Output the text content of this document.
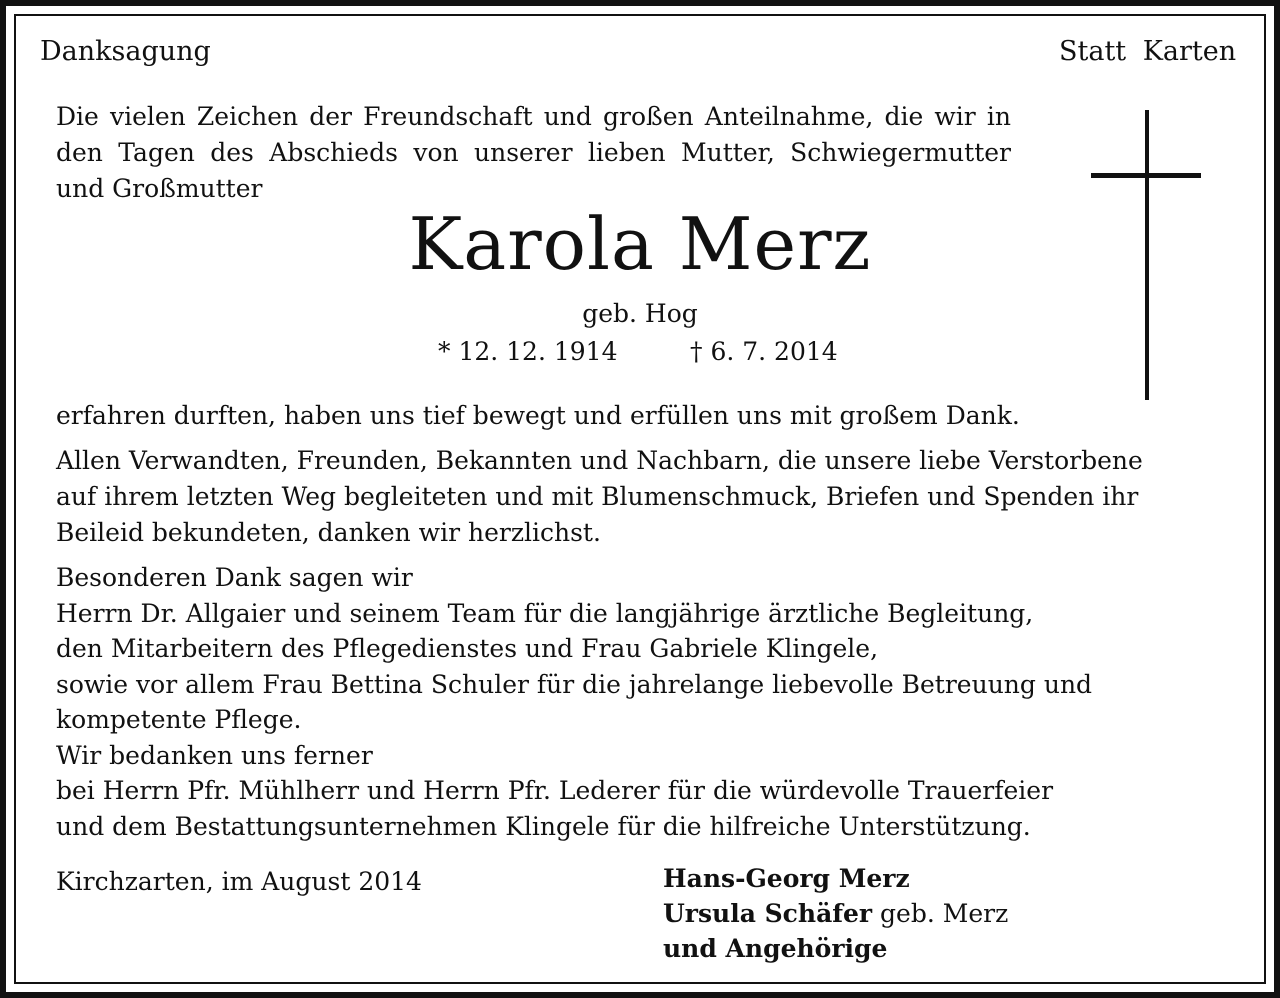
Danksagung	Statt Karten
Die vielen Zeichen der Freundschaft und großen Anteilnahme, die wir in
den Tagen des Abschieds von unserer lieben Mutter, Schwiegermutter
und Großmutter
Karola Merz
geb. Hog
* 12. 12. 1914	† 6. 7. 2014
erfahren durften, haben uns tief bewegt und erfüllen uns mit großem Dank.
Allen Verwandten, Freunden, Bekannten und Nachbarn, die unsere liebe Verstorbene
auf ihrem letzten Weg begleiteten und mit Blumenschmuck, Briefen und Spenden ihr
Beileid bekundeten, danken wir herzlichst.
Besonderen Dank sagen wir
Herrn Dr. Allgaier und seinem Team für die langjährige ärztliche Begleitung,
den Mitarbeitern des Pflegedienstes und Frau Gabriele Klingele,
sowie vor allem Frau Bettina Schuler für die jahrelange liebevolle Betreuung und
kompetente Pflege.
Wir bedanken uns ferner
bei Herrn Pfr. Mühlherr und Herrn Pfr. Lederer für die würdevolle Trauerfeier
und dem Bestattungsunternehmen Klingele für die hilfreiche Unterstützung.
Kirchzarten, im August 2014	Hans-Georg Merz
Ursula Schäfer geb. Merz
und Angehörige
